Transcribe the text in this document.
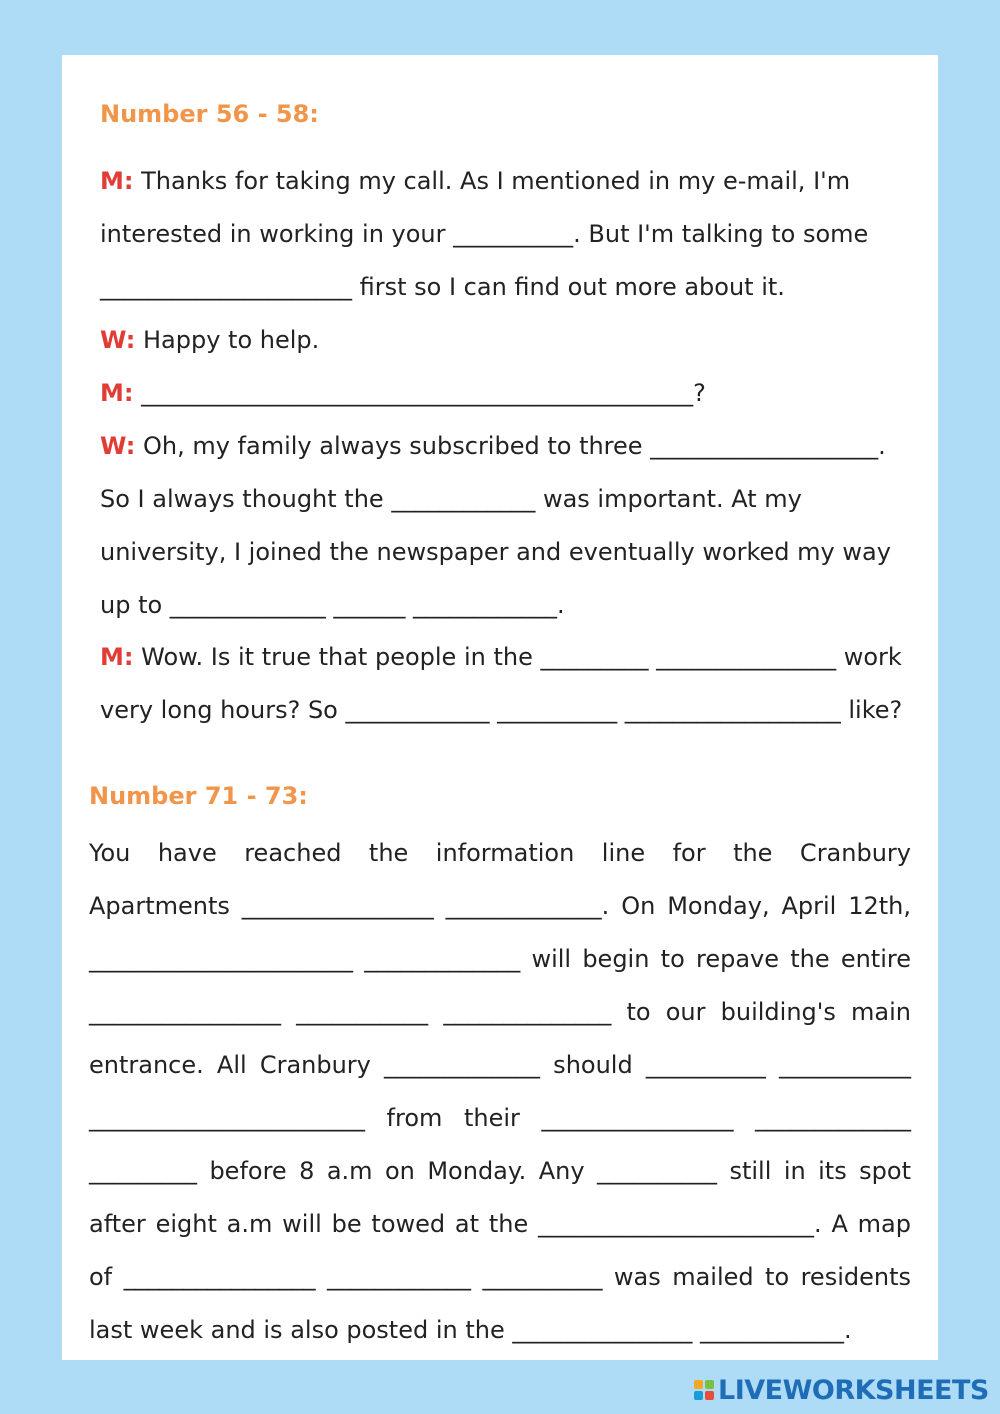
Number 56 - 58:
M: Thanks for taking my call. As I mentioned in my e-mail, I'm
interested in working in your __________. But I'm talking to some
_____________________ first so I can find out more about it.
W: Happy to help.
M: ______________________________________________?
W: Oh, my family always subscribed to three ___________________.
So I always thought the ____________ was important. At my
university, I joined the newspaper and eventually worked my way
up to _____________ ______ ____________.
M: Wow. Is it true that people in the _________ _______________ work
very long hours? So ____________ __________ __________________ like?
Number 71 - 73:
You have reached the information line for the Cranbury
Apartments ________________ _____________. On Monday, April 12th,
______________________ _____________ will begin to repave the entire
________________ ___________ ______________ to our building's main
entrance. All Cranbury _____________ should __________ ___________
_______________________ from their ________________ _____________
_________ before 8 a.m on Monday. Any __________ still in its spot
after eight a.m will be towed at the _______________________. A map
of ________________ ____________ __________ was mailed to residents
last week and is also posted in the _______________ ____________.
LIVEWORKSHEETS
